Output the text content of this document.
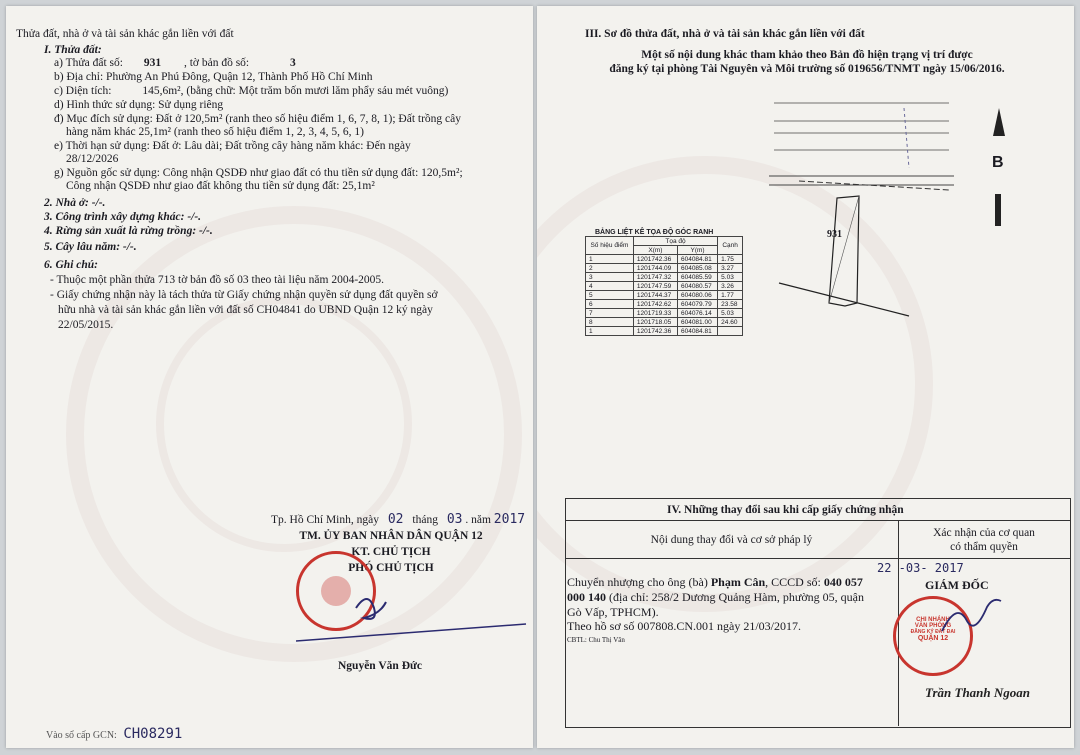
Thửa đất, nhà ở và tài sản khác gắn liền với đất
I. Thửa đất:
a) Thửa đất số: 931 , tờ bản đồ số:	3
b) Địa chỉ: Phường An Phú Đông, Quận 12, Thành Phố Hồ Chí Minh
c) Diện tích:	145,6m², (bằng chữ: Một trăm bốn mươi lăm phẩy sáu mét vuông)
d) Hình thức sử dụng: Sử dụng riêng
đ) Mục đích sử dụng: Đất ở 120,5m² (ranh theo số hiệu điểm 1, 6, 7, 8, 1); Đất trồng cây
hàng năm khác 25,1m² (ranh theo số hiệu điểm 1, 2, 3, 4, 5, 6, 1)
e) Thời hạn sử dụng: Đất ở: Lâu dài; Đất trồng cây hàng năm khác: Đến ngày
28/12/2026
g) Nguồn gốc sử dụng: Công nhận QSDĐ như giao đất có thu tiền sử dụng đất: 120,5m²;
Công nhận QSDĐ như giao đất không thu tiền sử dụng đất: 25,1m²
2. Nhà ở: -/-.
3. Công trình xây dựng khác: -/-.
4. Rừng sản xuất là rừng trồng: -/-.
5. Cây lâu năm: -/-.
6. Ghi chú:
- Thuộc một phần thửa 713 tờ bản đồ số 03 theo tài liệu năm 2004-2005.
- Giấy chứng nhận này là tách thửa từ Giấy chứng nhận quyền sử dụng đất quyền sở
hữu nhà và tài sản khác gắn liền với đất số CH04841 do UBND Quận 12 ký ngày
22/05/2015.
Tp. Hồ Chí Minh, ngày 02 tháng 03 . năm 2017
TM. ỦY BAN NHÂN DÂN QUẬN 12
KT. CHỦ TỊCH
PHÓ CHỦ TỊCH
Nguyễn Văn Đức
Vào sổ cấp GCN: CH08291
III. Sơ đồ thửa đất, nhà ở và tài sản khác gắn liền với đất
Một số nội dung khác tham khảo theo Bản đồ hiện trạng vị trí được
đăng ký tại phòng Tài Nguyên và Môi trường số 019656/TNMT ngày 15/06/2016.
931
B
BẢNG LIỆT KÊ TỌA ĐỘ GÓC RANH
Số hiệu điểm	Tọa độ		Cạnh
	X(m)	Y(m)	
1	1201742.36	604084.81	1.75
2	1201744.09	604085.08	3.27
3	1201747.32	604085.59	5.03
4	1201747.59	604080.57	3.26
5	1201744.37	604080.06	1.77
6	1201742.62	604079.79	23.58
7	1201719.33	604076.14	5.03
8	1201718.05	604081.00	24.60
1	1201742.36	604084.81	
IV. Những thay đổi sau khi cấp giấy chứng nhận
Nội dung thay đổi và cơ sở pháp lý
Xác nhận của cơ quan
có thẩm quyền
Chuyển nhượng cho ông (bà) Phạm Cân, CCCD số: 040 057
000 140 (địa chỉ: 258/2 Dương Quảng Hàm, phường 05, quận
Gò Vấp, TPHCM).
Theo hồ sơ số 007808.CN.001 ngày 21/03/2017.
CBTL: Chu Thị Vân
22 -03- 2017
GIÁM ĐỐC
CHI NHÁNH
VĂN PHÒNG
ĐĂNG KÝ ĐẤT ĐAI
QUẬN 12
Trần Thanh Ngoan
